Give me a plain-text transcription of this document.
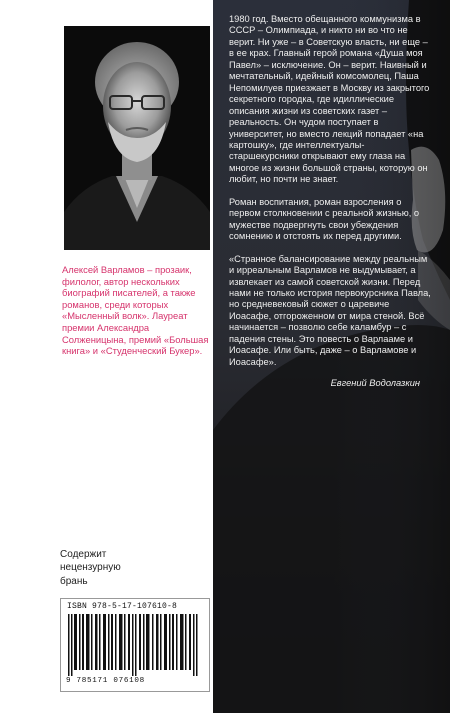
Алексей Варламов – прозаик, филолог, автор нескольких биографий писателей, а также романов, среди которых «Мысленный волк». Лауреат премии Александра Солженицына, премий «Большая книга» и «Студенческий Букер».

Содержит
нецензурную
брань
ISBN 978-5-17-107610-8
9 785171 076108

1980 год. Вместо обещанного коммунизма в СССР – Олимпиада, и никто ни во что не верит. Ни уже – в Советскую власть, ни еще – в ее крах. Главный герой романа «Душа моя Павел» – исключение. Он – верит. Наивный и мечтательный, идейный комсомолец, Паша Непомилуев приезжает в Москву из закрытого секретного городка, где идиллические описания жизни из советских газет – реальность. Он чудом поступает в университет, но вместо лекций попадает «на картошку», где интеллектуалы-старшекурсники открывают ему глаза на многое из жизни большой страны, которую он любит, но почти не знает.

Роман воспитания, роман взросления о первом столкновении с реальной жизнью, о мужестве подвергнуть свои убеждения сомнению и отстоять их перед другими.

«Странное балансирование между реальным и ирреальным Варламов не выдумывает, а извлекает из самой советской жизни. Перед нами не только история первокурсника Павла, но средневековый сюжет о царевиче Иоасафе, отгороженном от мира стеной. Всё начинается – позволю себе каламбур – с падения стены. Это повесть о Варлааме и Иоасафе. Или быть, даже – о Варламове и Иоасафе».

Евгений Водолазкин
